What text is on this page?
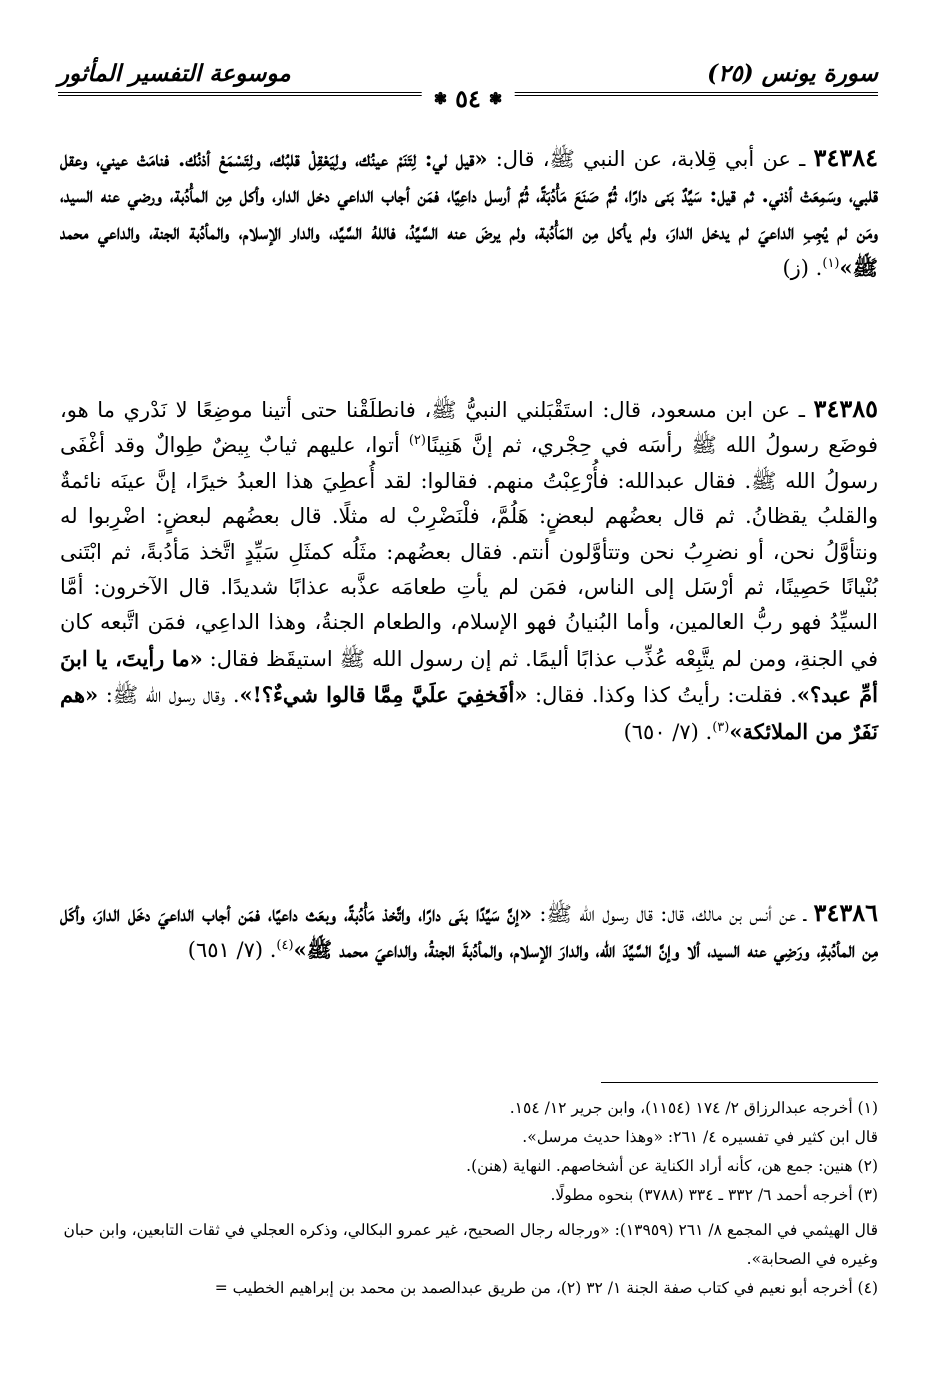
سورة يونس (٢٥)
موسوعة التفسير المأثور
❃
٥٤
❃

٣٤٣٨٤ ـ عن أبي قِلابة، عن النبي ﷺ، قال: «قيل لي: لِتَنَمْ عينُك، ولِيَعْقِلْ قلبُك، ولِتَسْمَعْ أذنُك. فنامَتْ عيني، وعقل قلبي، وسَمِعَتْ أذني. ثم قيل: سَيِّدٌ بَنى دارًا، ثُمَّ صَنَعَ مَأْدُبَةً، ثُمَّ أرسل داعِيًا، فمَن أجاب الداعي دخل الدار، وأكل مِن المأْدُبة، ورضي عنه السيد، ومَن لم يُجِبِ الداعيَ لم يدخل الدارَ، ولم يأكل مِن المَأْدُبة، ولم يرضَ عنه السَّيِّدُ، فاللهُ السَّيِّد، والدار الإسلام، والمأدُبة الجنة، والداعي محمد ﷺ»$^{(١)}$. (ز)

٣٤٣٨٥ ـ عن ابن مسعود، قال: استَقْبَلني النبيُّ ﷺ، فانطلَقْنا حتى أتينا موضِعًا لا نَدْري ما هو، فوضَع رسولُ الله ﷺ رأسَه في حِجْري، ثم إنَّ هَنِينًا$^{(٢)}$ أتوا، عليهم ثيابٌ بِيضٌ طِوالٌ وقد أغْفَى رسولُ الله ﷺ. فقال عبدالله: فأُرْعِبْتُ منهم. فقالوا: لقد أُعطِيَ هذا العبدُ خيرًا، إنَّ عينَه نائمةٌ والقلبُ يقظانُ. ثم قال بعضُهم لبعضٍ: هَلُمَّ، فلْنَضْرِبْ له مثلًا. قال بعضُهم لبعضٍ: اضْرِبوا له ونتأوَّلُ نحن، أو نضرِبُ نحن وتتأوَّلون أنتم. فقال بعضُهم: مثَلُه كمثَلِ سَيِّدٍ اتَّخذ مَأدُبةً، ثم ابْتَنى بُنْيانًا حَصِينًا، ثم أرْسَل إلى الناس، فمَن لم يأتِ طعامَه عذَّبه عذابًا شديدًا. قال الآخرون: أمَّا السيِّدُ فهو ربُّ العالمين، وأما البُنيانُ فهو الإسلام، والطعام الجنةُ، وهذا الداعِي، فمَن اتَّبعه كان في الجنةِ، ومن لم يتَّبِعْه عُذِّب عذابًا أليمًا. ثم إن رسول الله ﷺ استيقَظ فقال: «ما رأيتَ، يا ابنَ أمِّ عبد؟». فقلت: رأيتُ كذا وكذا. فقال: «أفَخفِيَ علَيَّ مِمَّا قالوا شيءٌ؟!». وقال رسول الله ﷺ: «هم نَفَرٌ من الملائكة»$^{(٣)}$. (٧/ ٦٥٠)

٣٤٣٨٦ ـ عن أنس بن مالك، قال: قال رسول الله ﷺ: «إنَّ سَيِّدًا بنَى دارًا، واتَّخذ مَأْدُبةً، وبعَث داعيًا، فمَن أجاب الداعيَ دخَل الدارَ، وأكَل مِن المأدُبةِ، ورَضِي عنه السيد، ألا وإنَّ السَّيِّدَ الله، والدارَ الإسلام، والمأدُبةَ الجنةُ، والداعيَ محمد ﷺ»$^{(٤)}$. (٧/ ٦٥١)

(١) أخرجه عبدالرزاق ٢/ ١٧٤ (١١٥٤)، وابن جرير ١٢/ ١٥٤.

قال ابن كثير في تفسيره ٤/ ٢٦١: «وهذا حديث مرسل».

(٢) هنين: جمع هن، كأنه أراد الكناية عن أشخاصهم. النهاية (هنن).

(٣) أخرجه أحمد ٦/ ٣٣٢ ـ ٣٣٤ (٣٧٨٨) بنحوه مطولًا.

قال الهيثمي في المجمع ٨/ ٢٦١ (١٣٩٥٩): «ورجاله رجال الصحيح، غير عمرو البكالي، وذكره العجلي في ثقات التابعين، وابن حبان وغيره في الصحابة».

(٤) أخرجه أبو نعيم في كتاب صفة الجنة ١/ ٣٢ (٢)، من طريق عبدالصمد بن محمد بن إبراهيم الخطيب =
